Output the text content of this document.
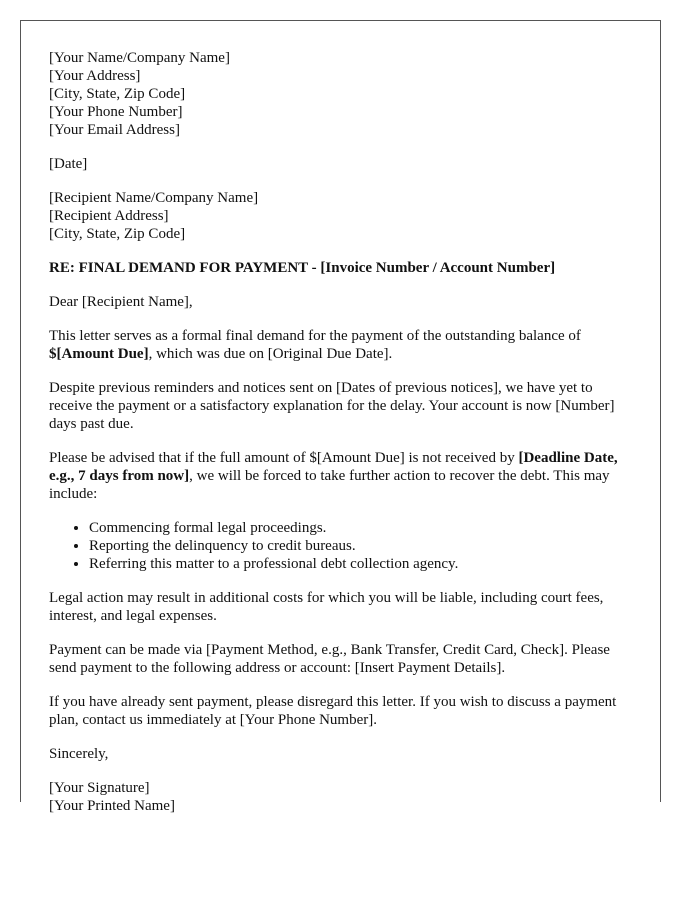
[Your Name/Company Name]
[Your Address]
[City, State, Zip Code]
[Your Phone Number]
[Your Email Address]
[Date]
[Recipient Name/Company Name]
[Recipient Address]
[City, State, Zip Code]

RE: FINAL DEMAND FOR PAYMENT - [Invoice Number / Account Number]

Dear [Recipient Name],

This letter serves as a formal final demand for the payment of the outstanding balance of $[Amount Due], which was due on [Original Due Date].

Despite previous reminders and notices sent on [Dates of previous notices], we have yet to receive the payment or a satisfactory explanation for the delay. Your account is now [Number] days past due.

Please be advised that if the full amount of $[Amount Due] is not received by [Deadline Date, e.g., 7 days from now], we will be forced to take further action to recover the debt. This may include:

• Commencing formal legal proceedings.
• Reporting the delinquency to credit bureaus.
• Referring this matter to a professional debt collection agency.

Legal action may result in additional costs for which you will be liable, including court fees, interest, and legal expenses.

Payment can be made via [Payment Method, e.g., Bank Transfer, Credit Card, Check]. Please send payment to the following address or account: [Insert Payment Details].

If you have already sent payment, please disregard this letter. If you wish to discuss a payment plan, contact us immediately at [Your Phone Number].

Sincerely,

[Your Signature]
[Your Printed Name]
